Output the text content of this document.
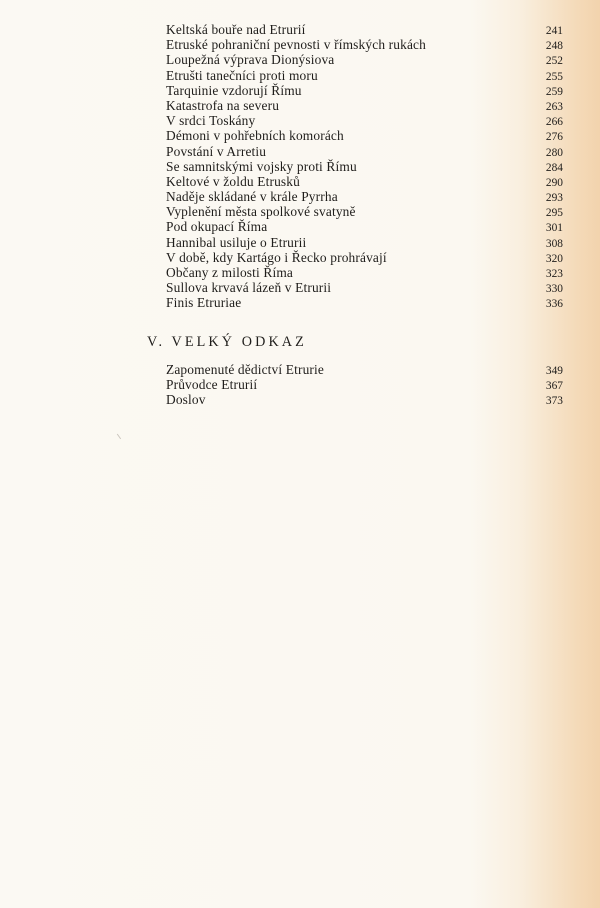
Keltská bouře nad Etrurií	241
Etruské pohraniční pevnosti v římských rukách	248
Loupežná výprava Dionýsiova	252
Etrušti tanečníci proti moru	255
Tarquinie vzdorují Římu	259
Katastrofa na severu	263
V srdci Toskány	266
Démoni v pohřebních komorách	276
Povstání v Arretiu	280
Se samnitskými vojsky proti Římu	284
Keltové v žoldu Etrusků	290
Naděje skládané v krále Pyrrha	293
Vyplenění města spolkové svatyně	295
Pod okupací Říma	301
Hannibal usiluje o Etrurii	308
V době, kdy Kartágo i Řecko prohrávají	320
Občany z milosti Říma	323
Sullova krvavá lázeň v Etrurii	330
Finis Etruriae	336
V. VELKÝ ODKAZ
Zapomenuté dědictví Etrurie	349
Průvodce Etrurií	367
Doslov	373
